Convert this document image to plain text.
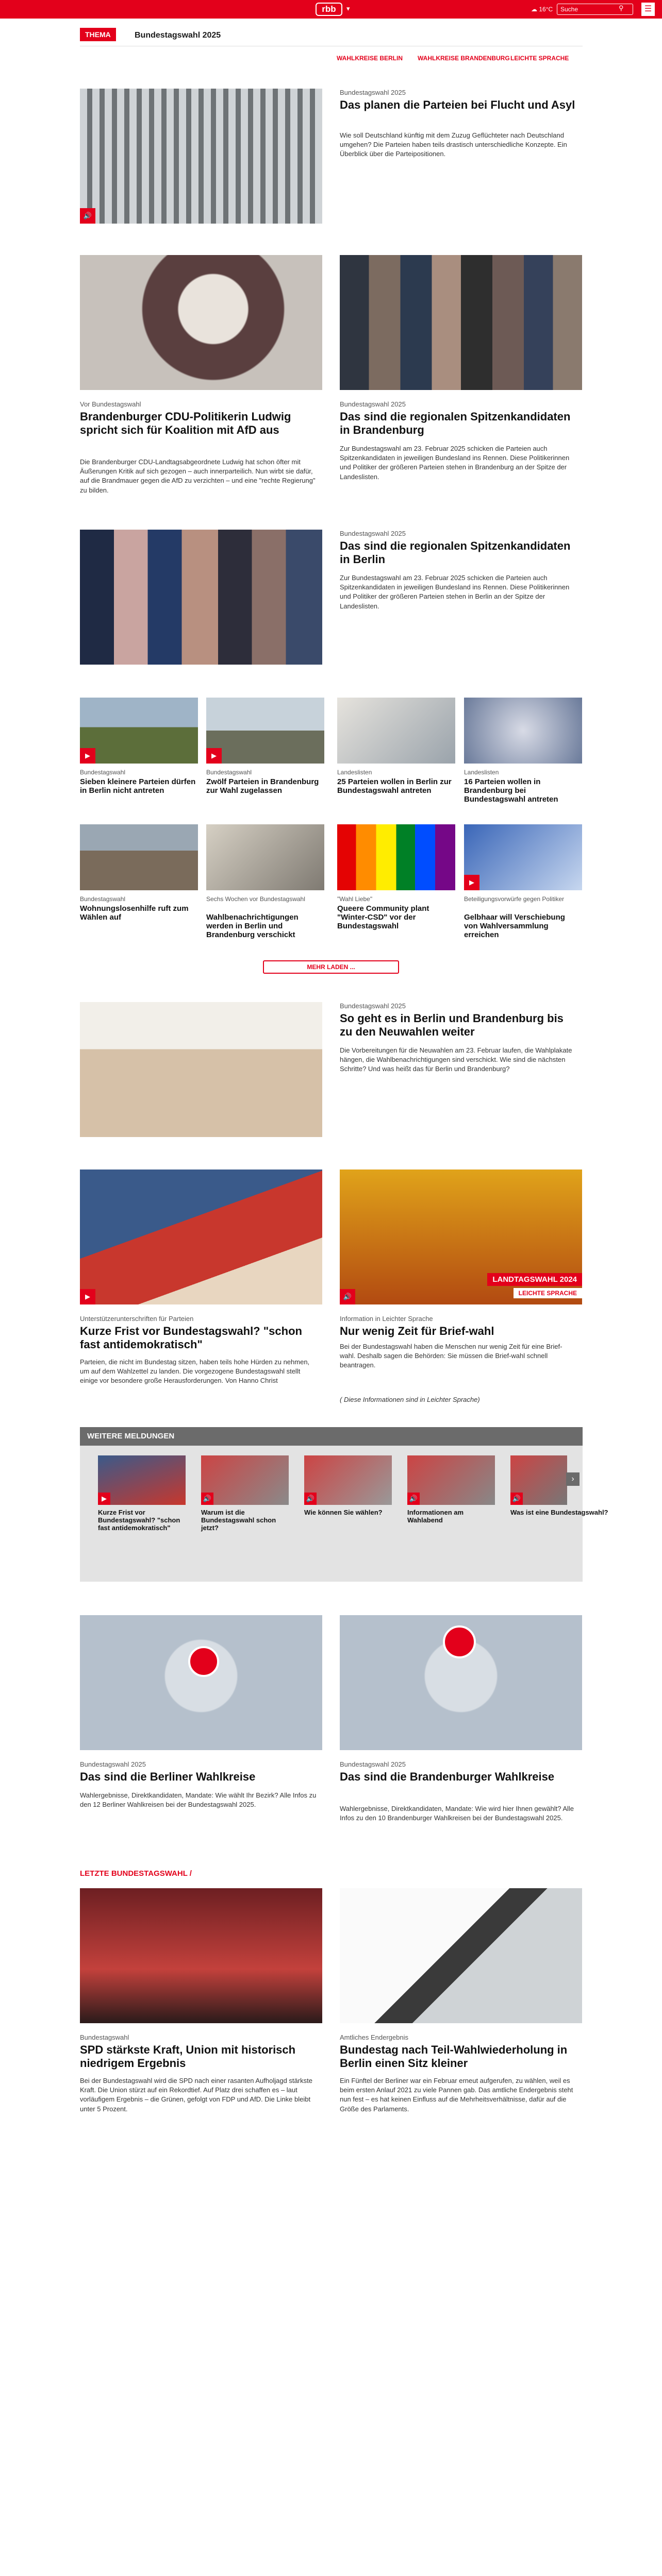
rbb	▾	☁ 16°C	Suche	⚲	☰
THEMA	Bundestagswahl 2025
WAHLKREISE BERLIN WAHLKREISE BRANDENBURG LEICHTE SPRACHE
🔊
Bundestagswahl 2025
Das planen die Parteien bei Flucht und Asyl
Wie soll Deutschland künftig mit dem Zuzug Geflüchteter nach Deutschland umgehen? Die Parteien haben teils drastisch unterschiedliche Konzepte. Ein Überblick über die Parteipositionen.
Vor Bundestagswahl
Brandenburger CDU-Politikerin Ludwig spricht sich für Koalition mit AfD aus
Die Brandenburger CDU-Landtagsabgeordnete Ludwig hat schon öfter mit Äußerungen Kritik auf sich gezogen – auch innerparteilich. Nun wirbt sie dafür, auf die Brandmauer gegen die AfD zu verzichten – und eine "rechte Regierung" zu bilden.
Bundestagswahl 2025
Das sind die regionalen Spitzenkandidaten in Brandenburg
Zur Bundestagswahl am 23. Februar 2025 schicken die Parteien auch Spitzenkandidaten in jeweiligen Bundesland ins Rennen. Diese Politikerinnen und Politiker der größeren Parteien stehen in Brandenburg an der Spitze der Landeslisten.
Bundestagswahl 2025
Das sind die regionalen Spitzenkandidaten in Berlin
Zur Bundestagswahl am 23. Februar 2025 schicken die Parteien auch Spitzenkandidaten in jeweiligen Bundesland ins Rennen. Diese Politikerinnen und Politiker der größeren Parteien stehen in Berlin an der Spitze der Landeslisten.
▶
Bundestagswahl
Sieben kleinere Parteien dürfen in Berlin nicht antreten
▶
Bundestagswahl
Zwölf Parteien in Brandenburg zur Wahl zugelassen
Landeslisten
25 Parteien wollen in Berlin zur Bundestagswahl antreten
Landeslisten
16 Parteien wollen in Brandenburg bei Bundestagswahl antreten
Bundestagswahl
Wohnungslosenhilfe ruft zum Wählen auf
Sechs Wochen vor Bundestagswahl
Wahlbenachrichtigungen werden in Berlin und Brandenburg verschickt
"Wahl Liebe"
Queere Community plant "Winter-CSD" vor der Bundestagswahl
▶
Beteiligungsvorwürfe gegen Politiker
Gelbhaar will Verschiebung von Wahlversammlung erreichen
MEHR LADEN ...
Bundestagswahl 2025
So geht es in Berlin und Brandenburg bis zu den Neuwahlen weiter
Die Vorbereitungen für die Neuwahlen am 23. Februar laufen, die Wahlplakate hängen, die Wahlbenachrichtigungen sind verschickt. Wie sind die nächsten Schritte? Und was heißt das für Berlin und Brandenburg?
▶
Unterstützerunterschriften für Parteien
Kurze Frist vor Bundestagswahl? "schon fast antidemokratisch"
Parteien, die nicht im Bundestag sitzen, haben teils hohe Hürden zu nehmen, um auf dem Wahlzettel zu landen. Die vorgezogene Bundestagswahl stellt einige vor besondere große Herausforderungen. Von Hanno Christ
🔊
LANDTAGSWAHL 2024
LEICHTE SPRACHE
Information in Leichter Sprache
Nur wenig Zeit für Brief-wahl
Bei der Bundestagswahl haben die Menschen nur wenig Zeit für eine Brief-wahl. Deshalb sagen die Behörden: Sie müssen die Brief-wahl schnell beantragen.
( Diese Informationen sind in Leichter Sprache)
WEITERE MELDUNGEN
▶
Kurze Frist vor Bundestagswahl? "schon fast antidemokratisch"
🔊
Warum ist die Bundestagswahl schon jetzt?
🔊
Wie können Sie wählen?
🔊
Informationen am Wahlabend
🔊
Was ist eine Bundestagswahl?
›
Bundestagswahl 2025
Das sind die Berliner Wahlkreise
Wahlergebnisse, Direktkandidaten, Mandate: Wie wählt Ihr Bezirk? Alle Infos zu den 12 Berliner Wahlkreisen bei der Bundestagswahl 2025.
Bundestagswahl 2025
Das sind die Brandenburger Wahlkreise
Wahlergebnisse, Direktkandidaten, Mandate: Wie wird hier Ihnen gewählt? Alle Infos zu den 10 Brandenburger Wahlkreisen bei der Bundestagswahl 2025.
LETZTE BUNDESTAGSWAHL /
Bundestagswahl
SPD stärkste Kraft, Union mit historisch niedrigem Ergebnis
Bei der Bundestagswahl wird die SPD nach einer rasanten Aufholjagd stärkste Kraft. Die Union stürzt auf ein Rekordtief. Auf Platz drei schaffen es – laut vorläufigem Ergebnis – die Grünen, gefolgt von FDP und AfD. Die Linke bleibt unter 5 Prozent.
Amtliches Endergebnis
Bundestag nach Teil-Wahlwiederholung in Berlin einen Sitz kleiner
Ein Fünftel der Berliner war ein Februar erneut aufgerufen, zu wählen, weil es beim ersten Anlauf 2021 zu viele Pannen gab. Das amtliche Endergebnis steht nun fest – es hat keinen Einfluss auf die Mehrheitsverhältnisse, dafür auf die Größe des Parlaments.
